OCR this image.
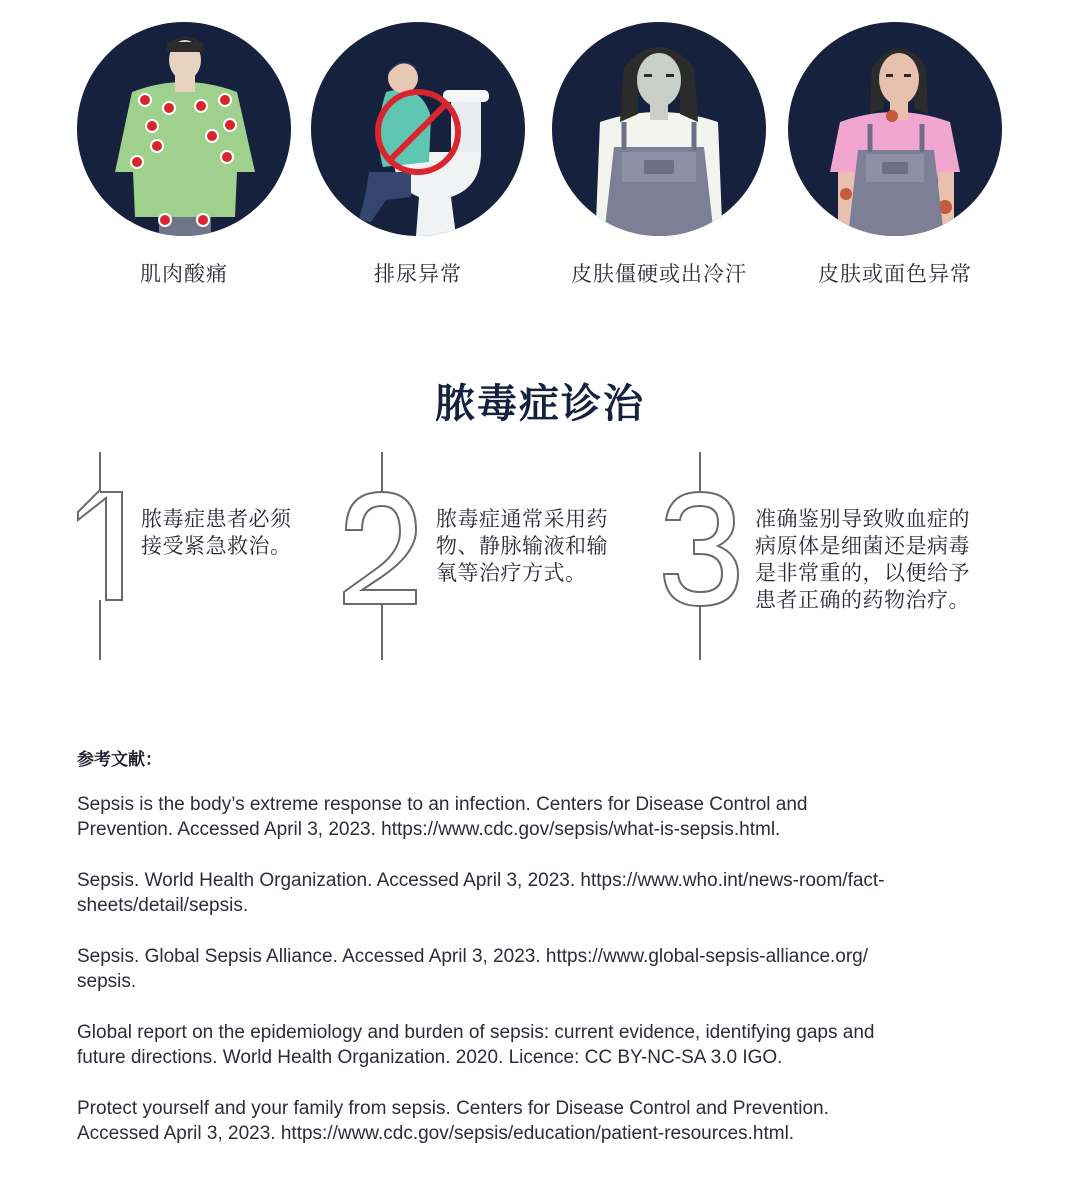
肌肉酸痛	排尿异常	皮肤僵硬或出冷汗	皮肤或面色异常
脓毒症诊治
脓毒症患者必须
接受紧急救治。
脓毒症通常采用药
物、静脉输液和输
氧等治疗方式。
准确鉴别导致败血症的
病原体是细菌还是病毒
是非常重的，以便给予
患者正确的药物治疗。
参考文献：
Sepsis is the body’s extreme response to an infection. Centers for Disease Control and
Prevention. Accessed April 3, 2023. https://www.cdc.gov/sepsis/what-is-sepsis.html.
Sepsis. World Health Organization. Accessed April 3, 2023. https://www.who.int/news-room/fact-
sheets/detail/sepsis.
Sepsis. Global Sepsis Alliance. Accessed April 3, 2023. https://www.global-sepsis-alliance.org/
sepsis.
Global report on the epidemiology and burden of sepsis: current evidence, identifying gaps and
future directions. World Health Organization. 2020. Licence: CC BY-NC-SA 3.0 IGO.
Protect yourself and your family from sepsis. Centers for Disease Control and Prevention.
Accessed April 3, 2023. https://www.cdc.gov/sepsis/education/patient-resources.html.
